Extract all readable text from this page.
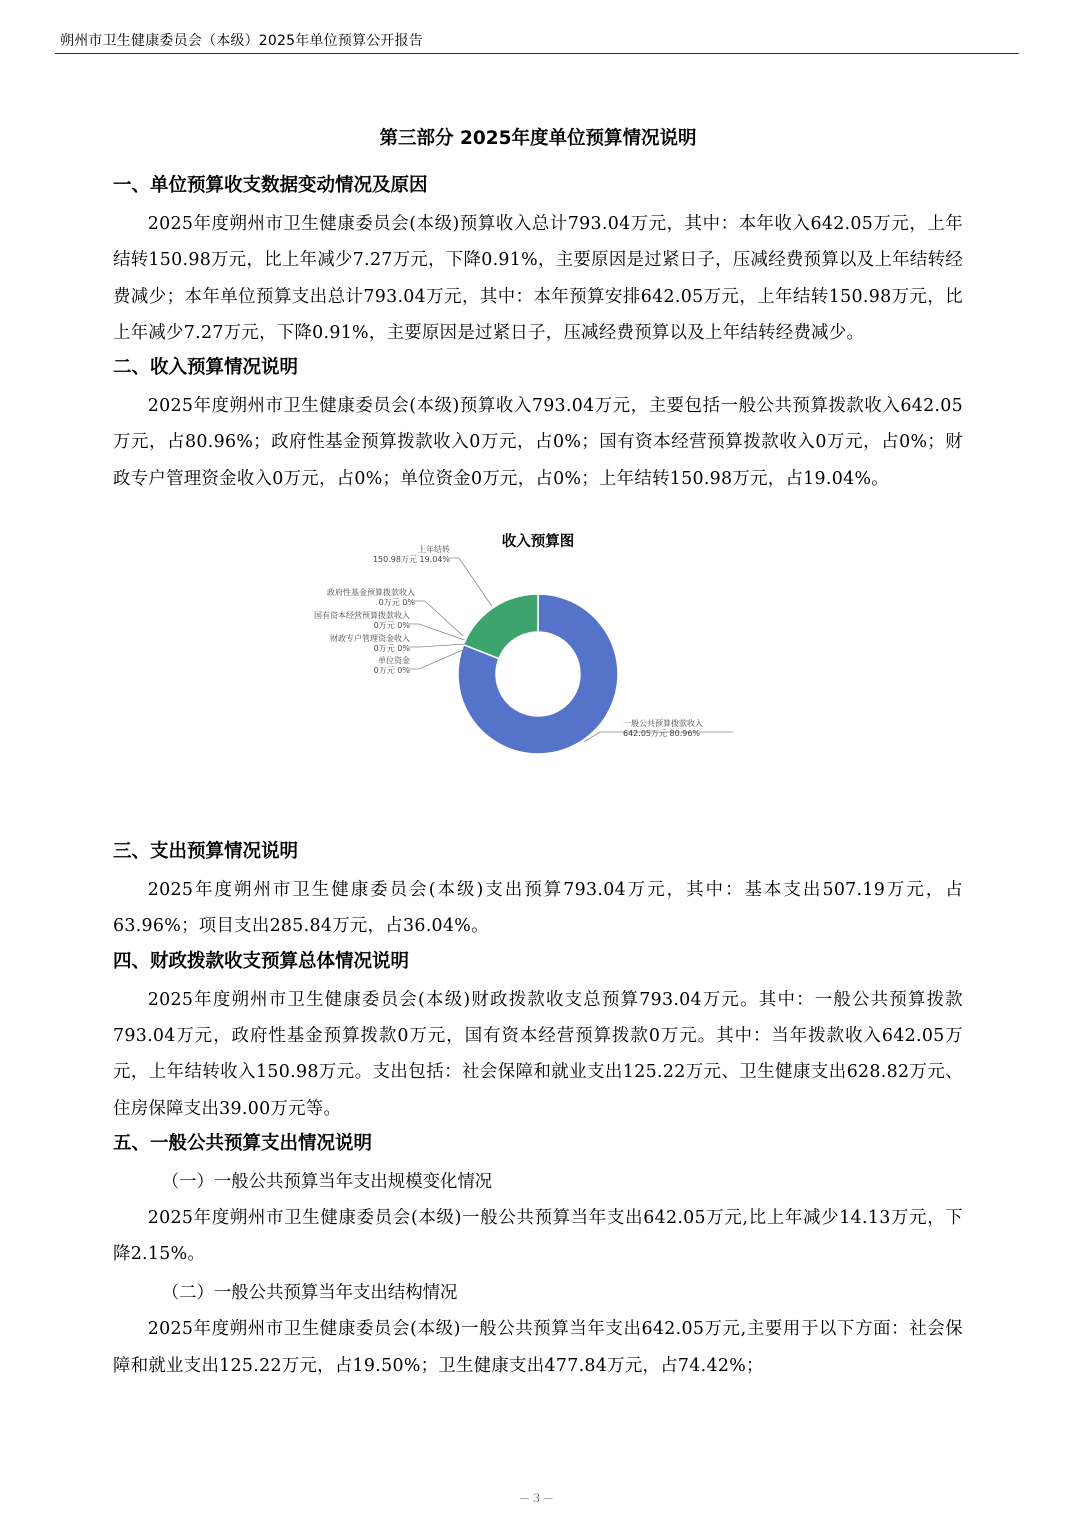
朔州市卫生健康委员会（本级）2025年单位预算公开报告
第三部分 2025年度单位预算情况说明
一、单位预算收支数据变动情况及原因

2025年度朔州市卫生健康委员会(本级)预算收入总计793.04万元，其中：本年收入642.05万元，上年结转150.98万元，比上年减少7.27万元，下降0.91%，主要原因是过紧日子，压减经费预算以及上年结转经费减少；本年单位预算支出总计793.04万元，其中：本年预算安排642.05万元，上年结转150.98万元，比上年减少7.27万元，下降0.91%，主要原因是过紧日子，压减经费预算以及上年结转经费减少。

二、收入预算情况说明

2025年度朔州市卫生健康委员会(本级)预算收入793.04万元，主要包括一般公共预算拨款收入642.05万元，占80.96%；政府性基金预算拨款收入0万元，占0%；国有资本经营预算拨款收入0万元，占0%；财政专户管理资金收入0万元，占0%；单位资金0万元，占0%；上年结转150.98万元，占19.04%。

收入预算图
一般公共预算拨款收入
642.05万元 80.96%
上年结转
150.98万元 19.04%
政府性基金预算拨款收入
0万元 0%
国有资本经营预算拨款收入
0万元 0%
财政专户管理资金收入
0万元 0%
单位资金
0万元 0%
三、支出预算情况说明

2025年度朔州市卫生健康委员会(本级)支出预算793.04万元，其中：基本支出507.19万元，占63.96%；项目支出285.84万元，占36.04%。

四、财政拨款收支预算总体情况说明

2025年度朔州市卫生健康委员会(本级)财政拨款收支总预算793.04万元。其中：一般公共预算拨款793.04万元，政府性基金预算拨款0万元，国有资本经营预算拨款0万元。其中：当年拨款收入642.05万元，上年结转收入150.98万元。支出包括：社会保障和就业支出125.22万元、卫生健康支出628.82万元、住房保障支出39.00万元等。

五、一般公共预算支出情况说明

（一）一般公共预算当年支出规模变化情况

2025年度朔州市卫生健康委员会(本级)一般公共预算当年支出642.05万元,比上年减少14.13万元，下降2.15%。

（二）一般公共预算当年支出结构情况

2025年度朔州市卫生健康委员会(本级)一般公共预算当年支出642.05万元,主要用于以下方面：社会保障和就业支出125.22万元，占19.50%；卫生健康支出477.84万元，占74.42%；

－３－
